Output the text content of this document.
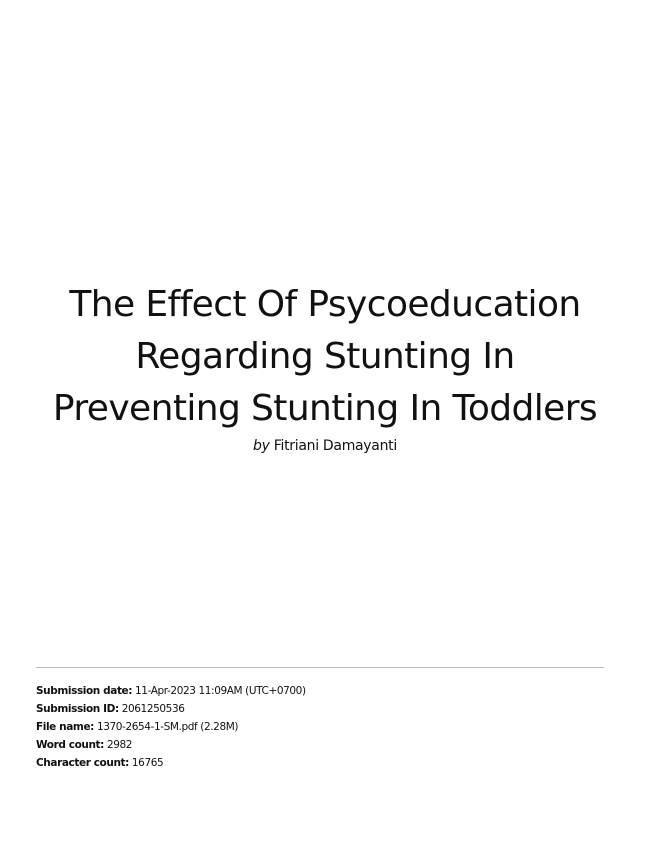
The Effect Of Psycoeducation
Regarding Stunting In
Preventing Stunting In Toddlers
by Fitriani Damayanti
Submission date: 11-Apr-2023 11:09AM (UTC+0700)
Submission ID: 2061250536
File name: 1370-2654-1-SM.pdf (2.28M)
Word count: 2982
Character count: 16765
